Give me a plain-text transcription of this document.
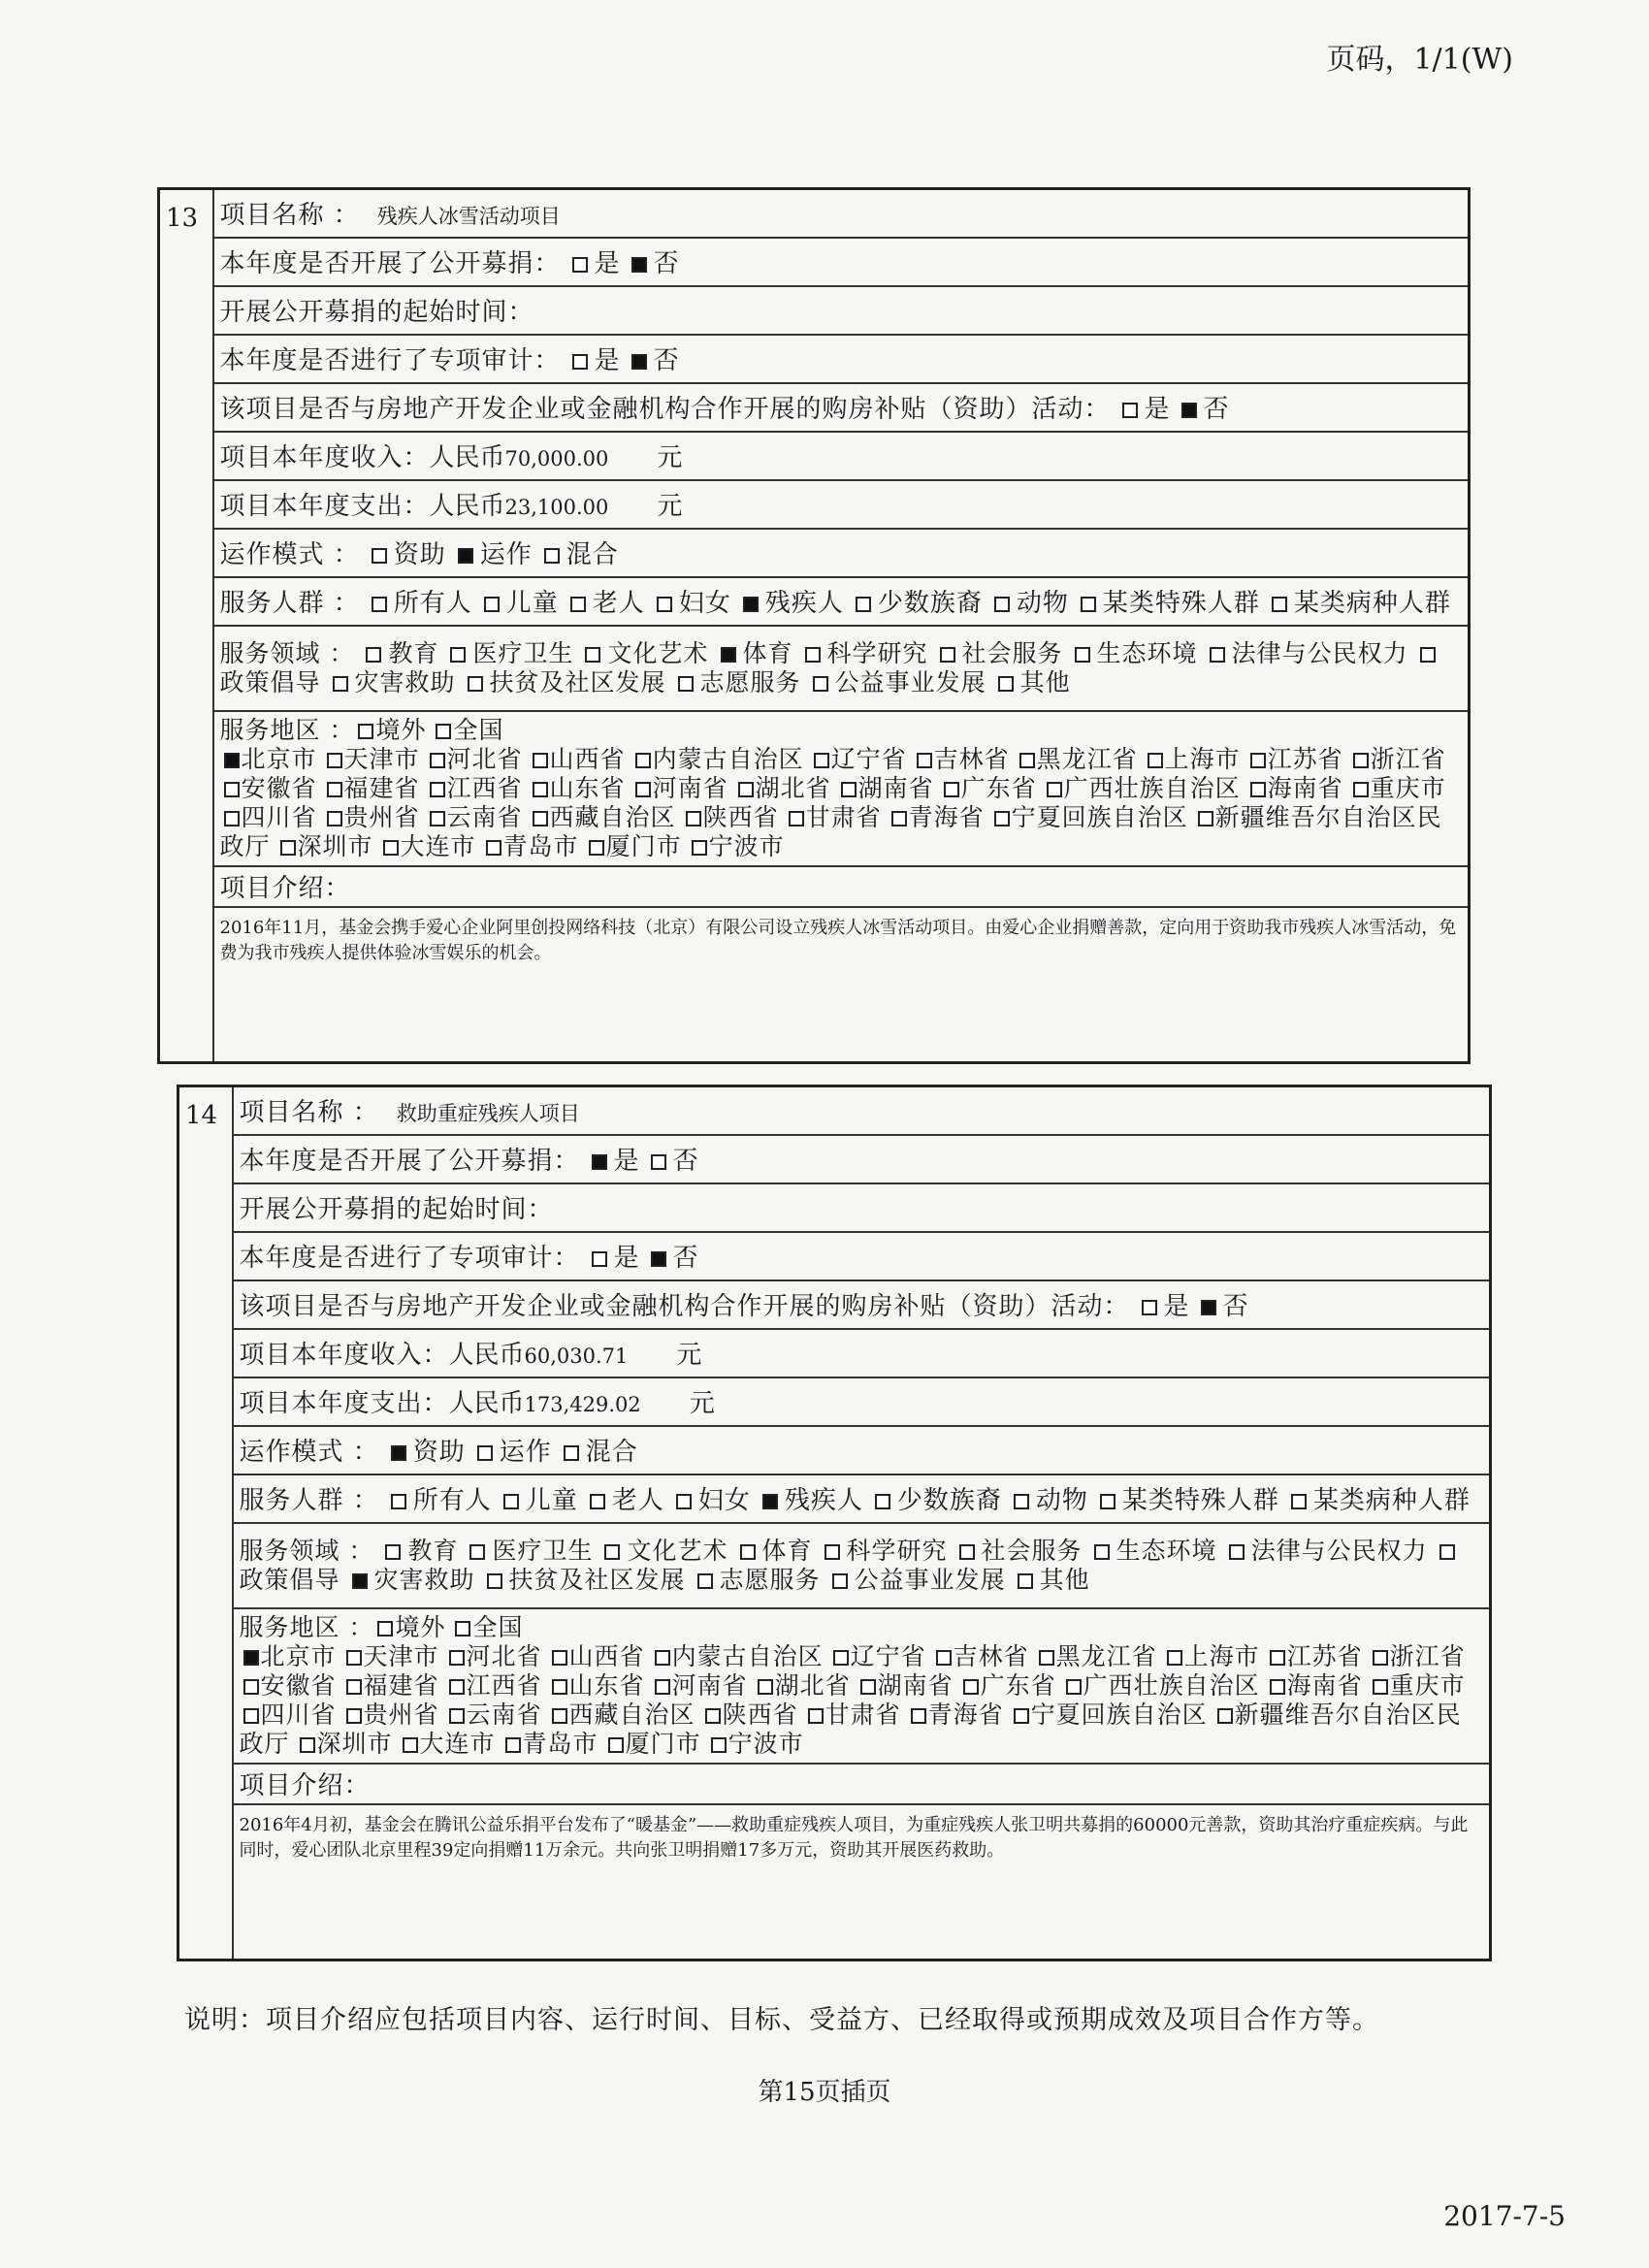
页码，1/1(W)
13	项目名称 ： 残疾人冰雪活动项目
本年度是否开展了公开募捐： 是 否
开展公开募捐的起始时间：
本年度是否进行了专项审计： 是 否
该项目是否与房地产开发企业或金融机构合作开展的购房补贴（资助）活动： 是 否
项目本年度收入：人民币70,000.00 元
项目本年度支出：人民币23,100.00 元
运作模式 ： 资助 运作 混合
服务人群 ： 所有人 儿童 老人 妇女 残疾人 少数族裔 动物 某类特殊人群 某类病种人群
服务领域 ： 教育 医疗卫生 文化艺术 体育 科学研究 社会服务 生态环境 法律与公民权力政策倡导 灾害救助 扶贫及社区发展 志愿服务 公益事业发展 其他
服务地区 ： 境外 全国
北京市 天津市 河北省 山西省 内蒙古自治区 辽宁省 吉林省 黑龙江省 上海市 江苏省 浙江省安徽省 福建省 江西省 山东省 河南省 湖北省 湖南省 广东省 广西壮族自治区 海南省 重庆市四川省 贵州省 云南省 西藏自治区 陕西省 甘肃省 青海省 宁夏回族自治区 新疆维吾尔自治区民政厅 深圳市 大连市 青岛市 厦门市 宁波市
项目介绍：
2016年11月，基金会携手爱心企业阿里创投网络科技（北京）有限公司设立残疾人冰雪活动项目。由爱心企业捐赠善款，定向用于资助我市残疾人冰雪活动，免费为我市残疾人提供体验冰雪娱乐的机会。
14	项目名称 ： 救助重症残疾人项目
本年度是否开展了公开募捐： 是 否
开展公开募捐的起始时间：
本年度是否进行了专项审计： 是 否
该项目是否与房地产开发企业或金融机构合作开展的购房补贴（资助）活动： 是 否
项目本年度收入：人民币60,030.71 元
项目本年度支出：人民币173,429.02 元
运作模式 ： 资助 运作 混合
服务人群 ： 所有人 儿童 老人 妇女 残疾人 少数族裔 动物 某类特殊人群 某类病种人群
服务领域 ： 教育 医疗卫生 文化艺术 体育 科学研究 社会服务 生态环境 法律与公民权力政策倡导 灾害救助 扶贫及社区发展 志愿服务 公益事业发展 其他
服务地区 ： 境外 全国
北京市 天津市 河北省 山西省 内蒙古自治区 辽宁省 吉林省 黑龙江省 上海市 江苏省 浙江省安徽省 福建省 江西省 山东省 河南省 湖北省 湖南省 广东省 广西壮族自治区 海南省 重庆市四川省 贵州省 云南省 西藏自治区 陕西省 甘肃省 青海省 宁夏回族自治区 新疆维吾尔自治区民政厅 深圳市 大连市 青岛市 厦门市 宁波市
项目介绍：
2016年4月初，基金会在腾讯公益乐捐平台发布了“暖基金”——救助重症残疾人项目，为重症残疾人张卫明共募捐的60000元善款，资助其治疗重症疾病。与此同时，爱心团队北京里程39定向捐赠11万余元。共向张卫明捐赠17多万元，资助其开展医药救助。
说明：项目介绍应包括项目内容、运行时间、目标、受益方、已经取得或预期成效及项目合作方等。
第15页插页
2017-7-5
